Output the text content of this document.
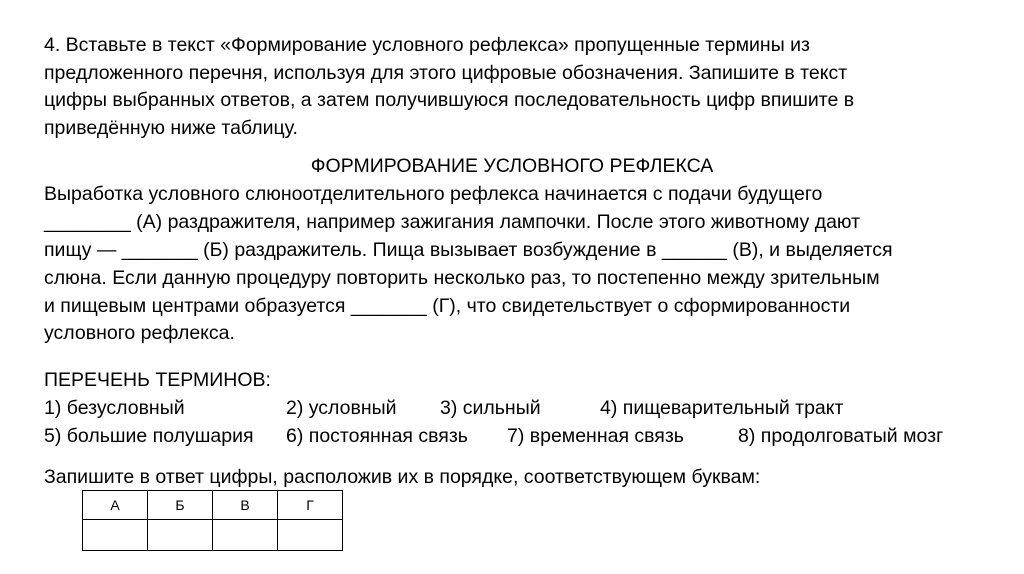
4. Вставьте в текст «Формирование условного рефлекса» пропущенные термины из
предложенного перечня, используя для этого цифровые обозначения. Запишите в текст
цифры выбранных ответов, а затем получившуюся последовательность цифр впишите в
приведённую ниже таблицу.
ФОРМИРОВАНИЕ УСЛОВНОГО РЕФЛЕКСА
Выработка условного слюноотделительного рефлекса начинается с подачи будущего
________ (А) раздражителя, например зажигания лампочки. После этого животному дают
пищу — _______ (Б) раздражитель. Пища вызывает возбуждение в ______ (В), и выделяется
слюна. Если данную процедуру повторить несколько раз, то постепенно между зрительным
и пищевым центрами образуется _______ (Г), что свидетельствует о сформированности
условного рефлекса.
ПЕРЕЧЕНЬ ТЕРМИНОВ:
1) безусловный	2) условный 3) сильный	4) пищеварительный тракт
5) большие полушария 6) постоянная связь 7) временная связь	8) продолговатый мозг
Запишите в ответ цифры, расположив их в порядке, соответствующем буквам:
А	Б	В	Г
